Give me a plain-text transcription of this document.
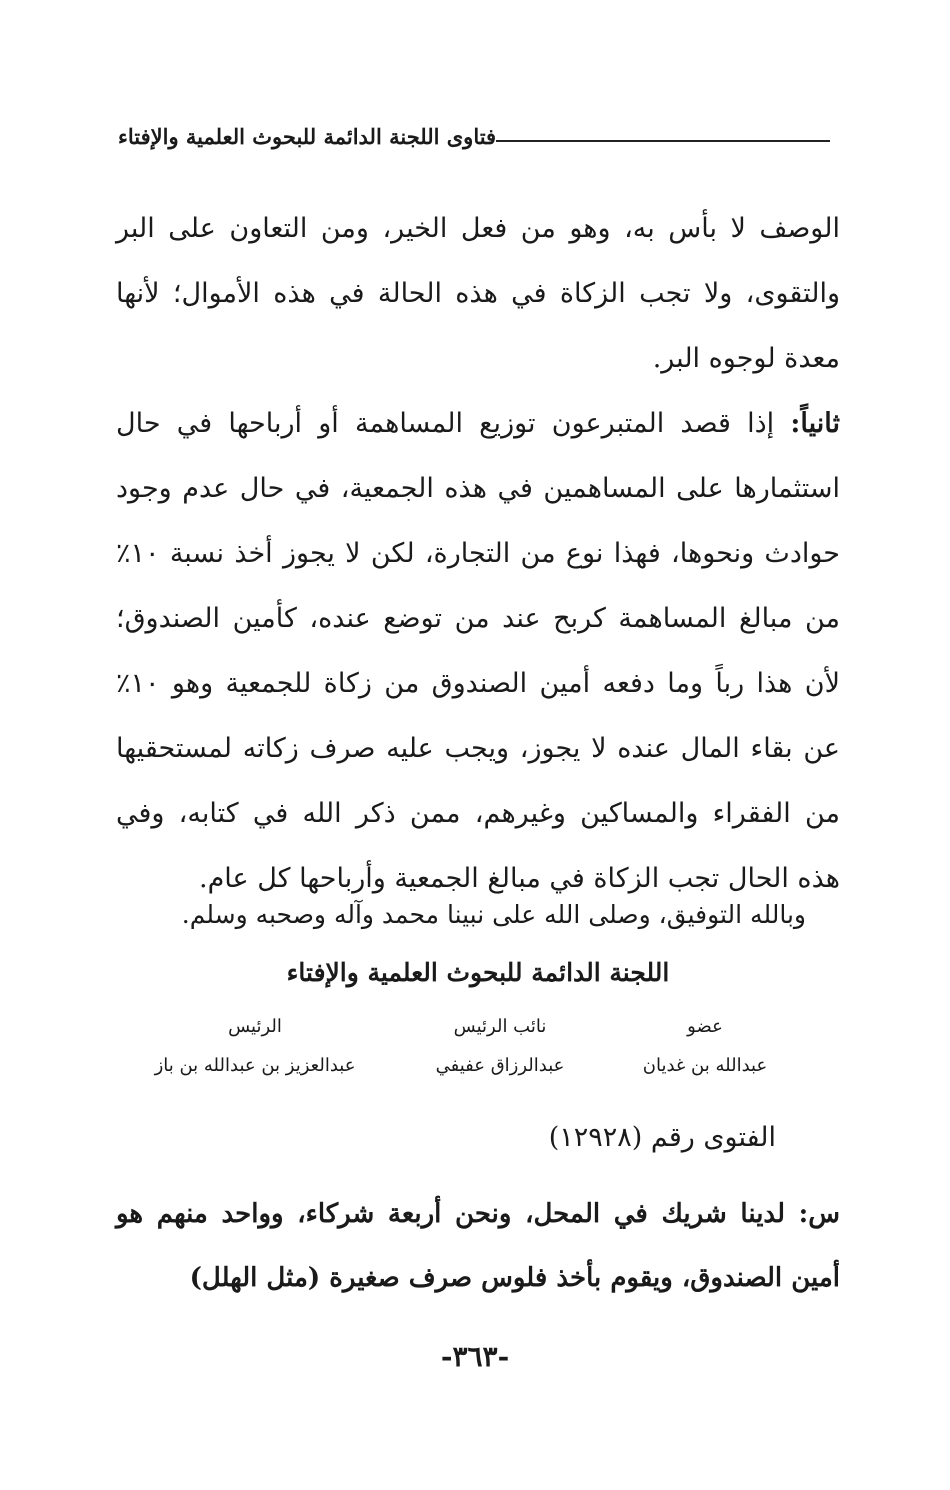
فتاوى اللجنة الدائمة للبحوث العلمية والإفتاء

الوصف لا بأس به، وهو من فعل الخير، ومن التعاون على البر والتقوى، ولا تجب الزكاة في هذه الحالة في هذه الأموال؛ لأنها معدة لوجوه البر.

ثانياً: إذا قصد المتبرعون توزيع المساهمة أو أرباحها في حال استثمارها على المساهمين في هذه الجمعية، في حال عدم وجود حوادث ونحوها، فهذا نوع من التجارة، لكن لا يجوز أخذ نسبة ١٠٪ من مبالغ المساهمة كربح عند من توضع عنده، كأمين الصندوق؛ لأن هذا رباً وما دفعه أمين الصندوق من زكاة للجمعية وهو ١٠٪ عن بقاء المال عنده لا يجوز، ويجب عليه صرف زكاته لمستحقيها من الفقراء والمساكين وغيرهم، ممن ذكر الله في كتابه، وفي هذه الحال تجب الزكاة في مبالغ الجمعية وأرباحها كل عام.

وبالله التوفيق، وصلى الله على نبينا محمد وآله وصحبه وسلم.
اللجنة الدائمة للبحوث العلمية والإفتاء
عضو
عبدالله بن غديان
نائب الرئيس
عبدالرزاق عفيفي
الرئيس
عبدالعزيز بن عبدالله بن باز
الفتوى رقم (١٢٩٢٨)
س: لدينا شريك في المحل، ونحن أربعة شركاء، وواحد منهم هو أمين الصندوق، ويقوم بأخذ فلوس صرف صغيرة (مثل الهلل)
-٣٦٣-
